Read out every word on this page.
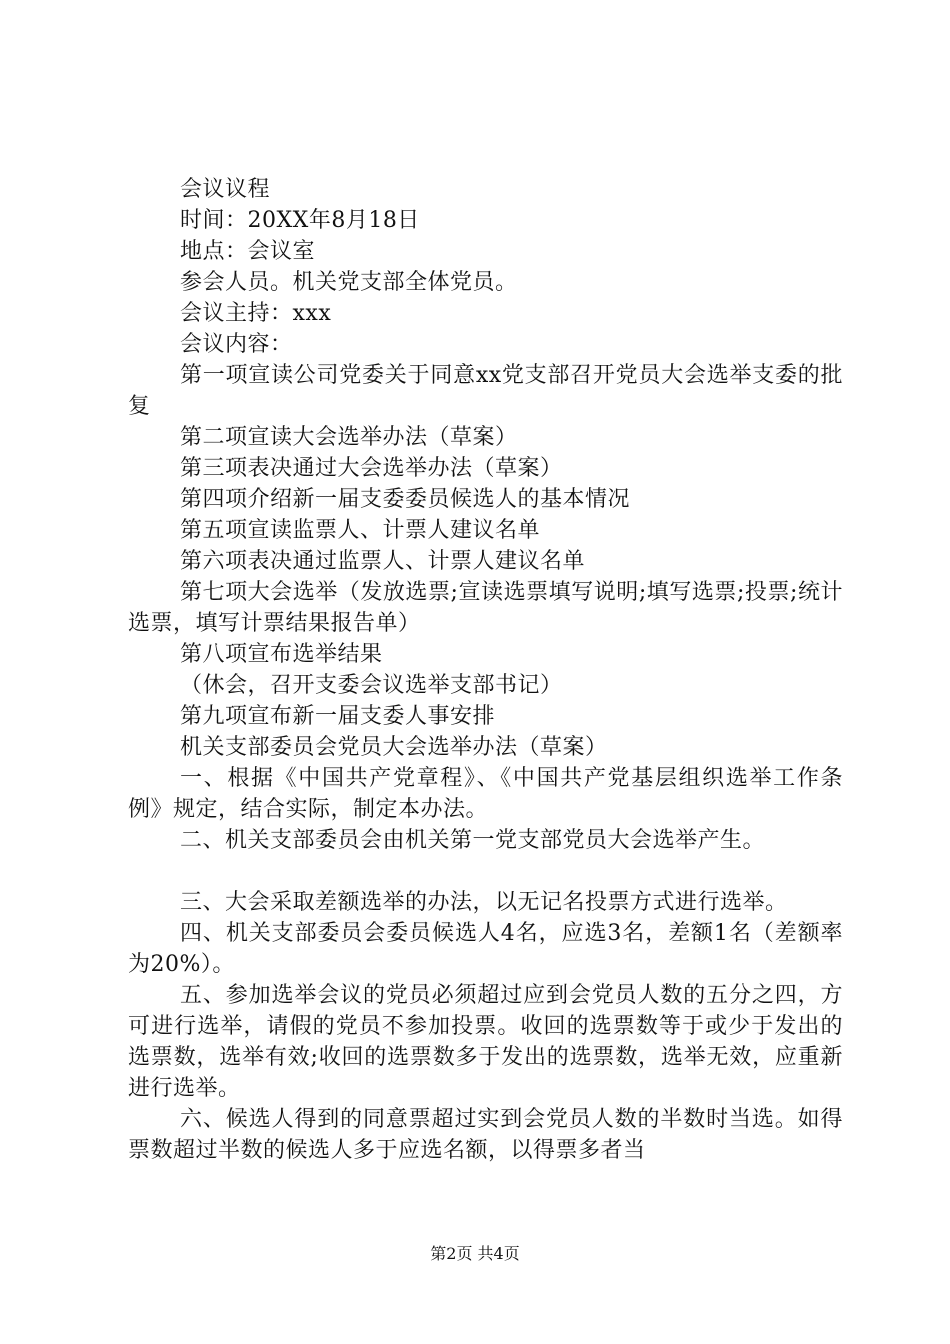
会议议程

时间：20XX年8月18日

地点：会议室

参会人员。机关党支部全体党员。

会议主持：xxx

会议内容：

第一项宣读公司党委关于同意xx党支部召开党员大会选举支委的批复

第二项宣读大会选举办法（草案）

第三项表决通过大会选举办法（草案）

第四项介绍新一届支委委员候选人的基本情况

第五项宣读监票人、计票人建议名单

第六项表决通过监票人、计票人建议名单

第七项大会选举（发放选票;宣读选票填写说明;填写选票;投票;统计选票，填写计票结果报告单）

第八项宣布选举结果

（休会，召开支委会议选举支部书记）

第九项宣布新一届支委人事安排

机关支部委员会党员大会选举办法（草案）

一、根据《中国共产党章程》、《中国共产党基层组织选举工作条例》规定，结合实际，制定本办法。

二、机关支部委员会由机关第一党支部党员大会选举产生。

三、大会采取差额选举的办法，以无记名投票方式进行选举。

四、机关支部委员会委员候选人4名，应选3名，差额1名（差额率为20%）。

五、参加选举会议的党员必须超过应到会党员人数的五分之四，方可进行选举，请假的党员不参加投票。收回的选票数等于或少于发出的选票数，选举有效;收回的选票数多于发出的选票数，选举无效，应重新进行选举。

六、候选人得到的同意票超过实到会党员人数的半数时当选。如得票数超过半数的候选人多于应选名额，以得票多者当

第2页 共4页
